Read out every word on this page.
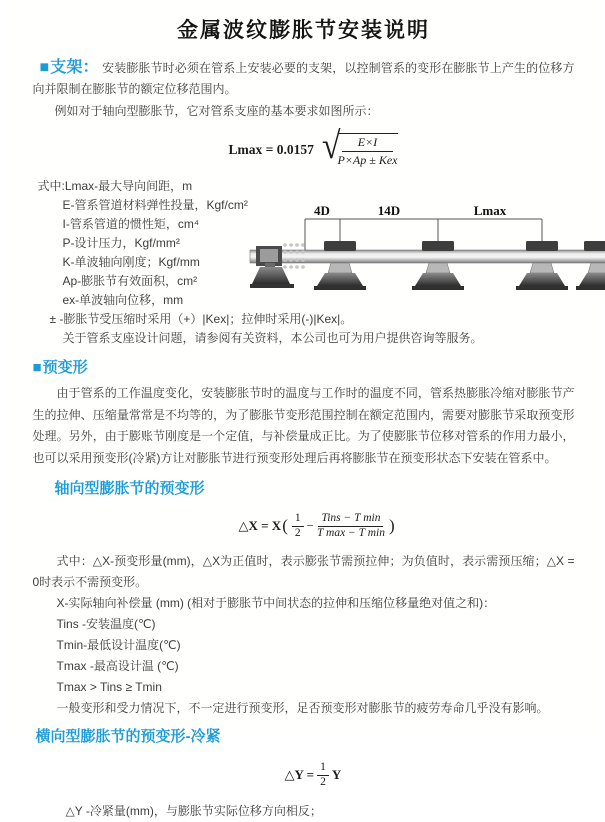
金属波纹膨胀节安装说明

■支架： 安装膨胀节时必须在管系上安装必要的支架，以控制管系的变形在膨胀节上产生的位移方向并限制在膨胀节的额定位移范围内。

例如对于轴向型膨胀节，它对管系支座的基本要求如图所示：

Lmax = 0.0157 √
$\frac{E\times I}{\text{P×Ap ± Kex}}$
式中:Lmax-最大导向间距，m
E-管系管道材料弹性投量，Kgf/cm²
I-管系管道的惯性矩，cm⁴
P-设计压力，Kgf/mm²
K-单波轴向刚度；Kgf/mm
Ap-膨胀节有效面积，cm²
ex-单波轴向位移，mm
± -膨胀节受压缩时采用（+）|Kex|；拉伸时采用(-)|Kex|。
关于管系支座设计问题，请参阅有关资料，本公司也可为用户提供咨询等服务。
4D	14D	Lmax
■预变形

由于管系的工作温度变化，安装膨胀节时的温度与工作时的温度不同，管系热膨胀冷缩对膨胀节产生的拉伸、压缩量常常是不均等的，为了膨胀节变形范围控制在额定范围内，需要对膨胀节采取预变形处理。另外，由于膨账节刚度是一个定值，与补偿量成正比。为了使膨胀节位移对管系的作用力最小，也可以采用预变形(冷紧)方让对膨胀节进行预变形处理后再将膨胀节在预变形状态下安装在管系中。

轴向型膨胀节的预变形
△X = X ( $\frac{1}{2} - \frac{\text{Tins − T min}}{\text{T max − T min}}$ )

式中：△X-预变形量(mm)，△X为正值时，表示膨张节需预拉伸；为负值时，表示需预压缩；△X = 0时表示不需预变形。

X-实际轴向补偿量 (mm) (相对于膨胀节中间状态的拉伸和压缩位移量绝对值之和)：

Tins -安装温度(℃)

Tmin-最低设计温度(℃)

Tmax -最高设计温 (℃)

Tmax > Tins ≥ Tmin

一般变形和受力情况下，不一定进行预变形，足否预变形对膨胀节的疲劳寿命几乎没有影响。

横向型膨胀节的预变形-冷紧
△Y = $\frac{1}{2}$ Y

△Y -冷紧量(mm)，与膨胀节实际位移方向相反；
